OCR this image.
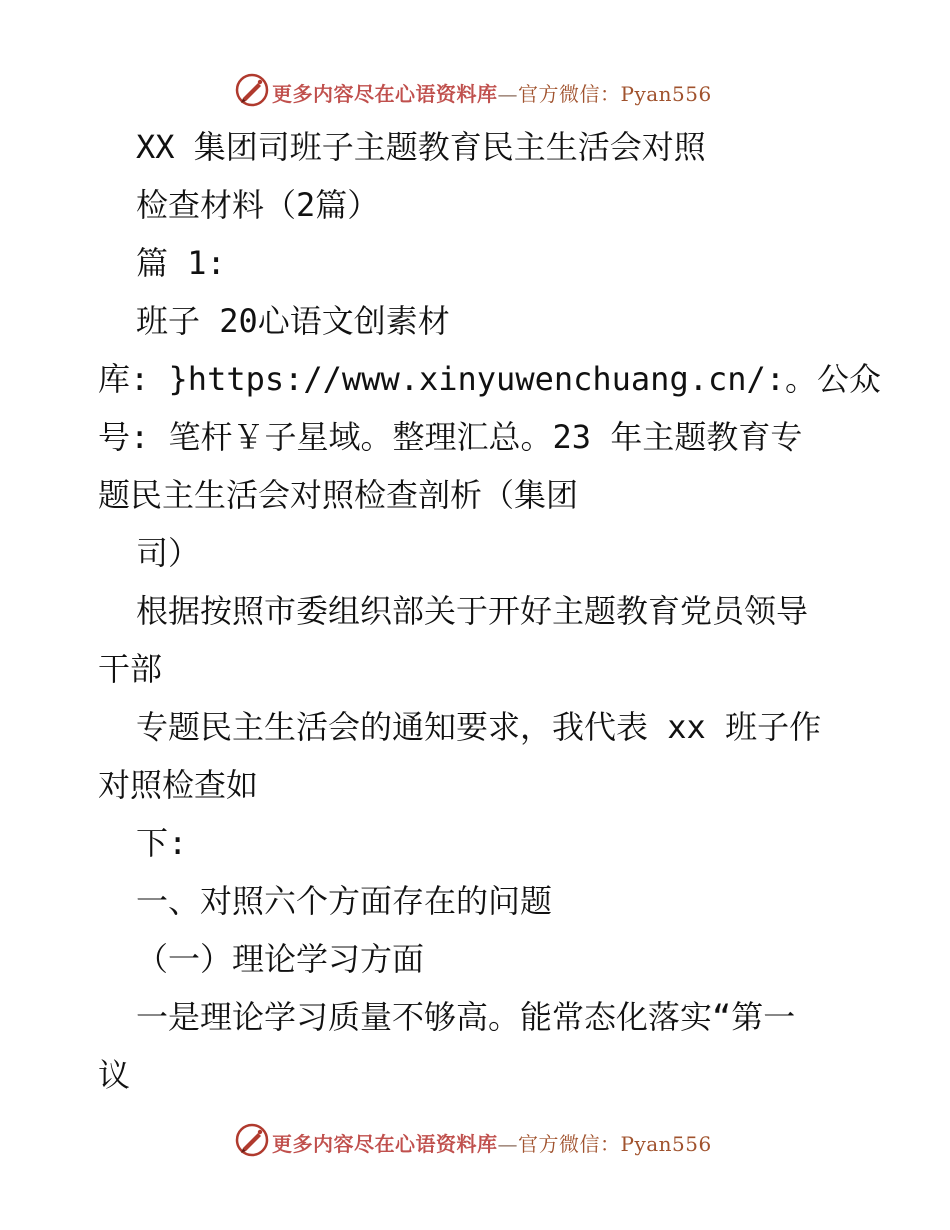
更多内容尽在心语资料库—官方微信：Pyan556
XX 集团司班子主题教育民主生活会对照
检查材料（2篇）
篇 1:
班子 20心语文创素材
库: }https://www.xinyuwenchuang.cn/:。公众
号: 笔杆￥子星域。整理汇总。23 年主题教育专
题民主生活会对照检查剖析（集团
司）
根据按照市委组织部关于开好主题教育党员领导
干部
专题民主生活会的通知要求，我代表 xx 班子作
对照检查如
下:
一、对照六个方面存在的问题
（一）理论学习方面
一是理论学习质量不够高。能常态化落实“第一
议
更多内容尽在心语资料库—官方微信：Pyan556
